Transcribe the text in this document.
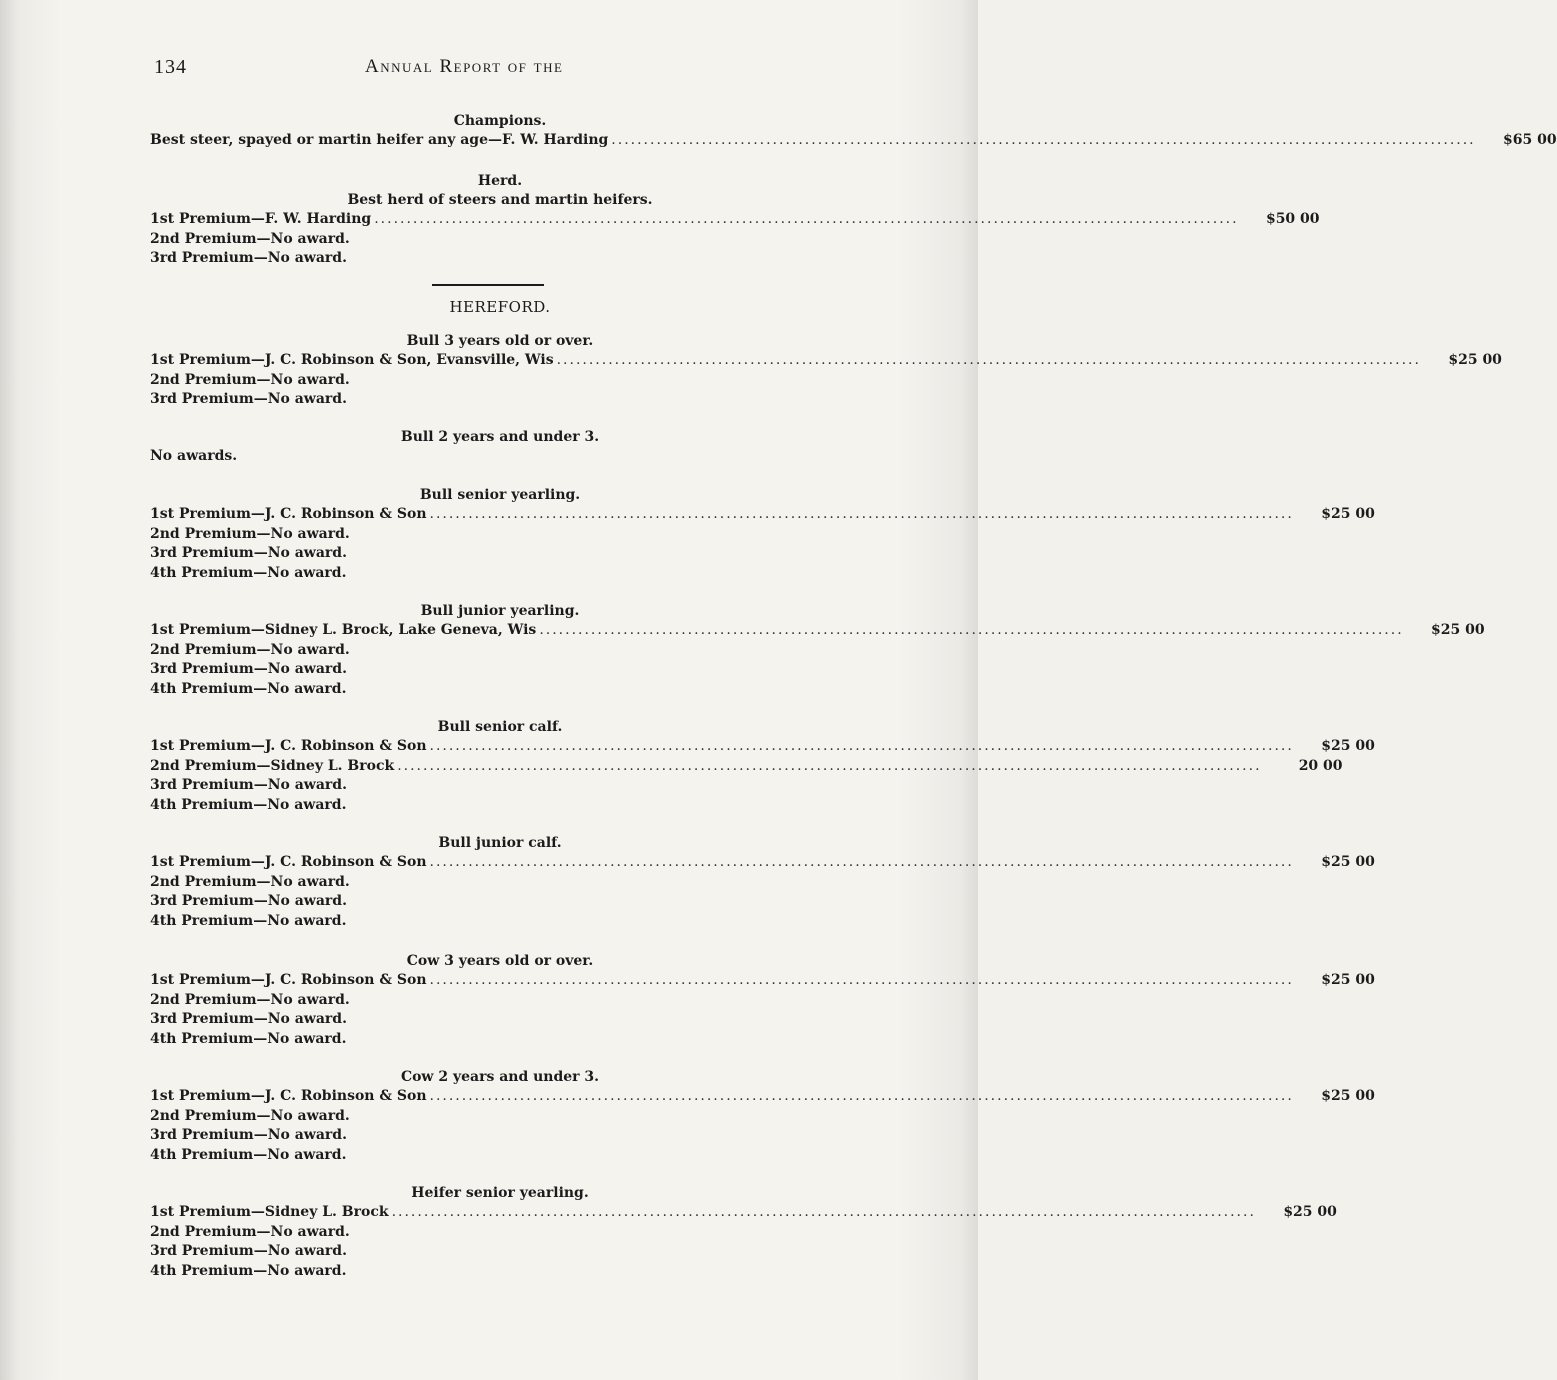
134	Annual Report of the
Champions.
Best steer, spayed or martin heifer any age—F. W. Harding ......................................................................................................................................	$65 00
Herd.
Best herd of steers and martin heifers.
1st Premium—F. W. Harding ......................................................................................................................................	$50 00
2nd Premium—No award.
3rd Premium—No award.
HEREFORD.
Bull 3 years old or over.
1st Premium—J. C. Robinson & Son, Evansville, Wis ......................................................................................................................................	$25 00
2nd Premium—No award.
3rd Premium—No award.
Bull 2 years and under 3.
No awards.
Bull senior yearling.
1st Premium—J. C. Robinson & Son ......................................................................................................................................	$25 00
2nd Premium—No award.
3rd Premium—No award.
4th Premium—No award.
Bull junior yearling.
1st Premium—Sidney L. Brock, Lake Geneva, Wis ......................................................................................................................................	$25 00
2nd Premium—No award.
3rd Premium—No award.
4th Premium—No award.
Bull senior calf.
1st Premium—J. C. Robinson & Son ......................................................................................................................................	$25 00
2nd Premium—Sidney L. Brock ......................................................................................................................................	20 00
3rd Premium—No award.
4th Premium—No award.
Bull junior calf.
1st Premium—J. C. Robinson & Son ......................................................................................................................................	$25 00
2nd Premium—No award.
3rd Premium—No award.
4th Premium—No award.
Cow 3 years old or over.
1st Premium—J. C. Robinson & Son ......................................................................................................................................	$25 00
2nd Premium—No award.
3rd Premium—No award.
4th Premium—No award.
Cow 2 years and under 3.
1st Premium—J. C. Robinson & Son ......................................................................................................................................	$25 00
2nd Premium—No award.
3rd Premium—No award.
4th Premium—No award.
Heifer senior yearling.
1st Premium—Sidney L. Brock ......................................................................................................................................	$25 00
2nd Premium—No award.
3rd Premium—No award.
4th Premium—No award.
